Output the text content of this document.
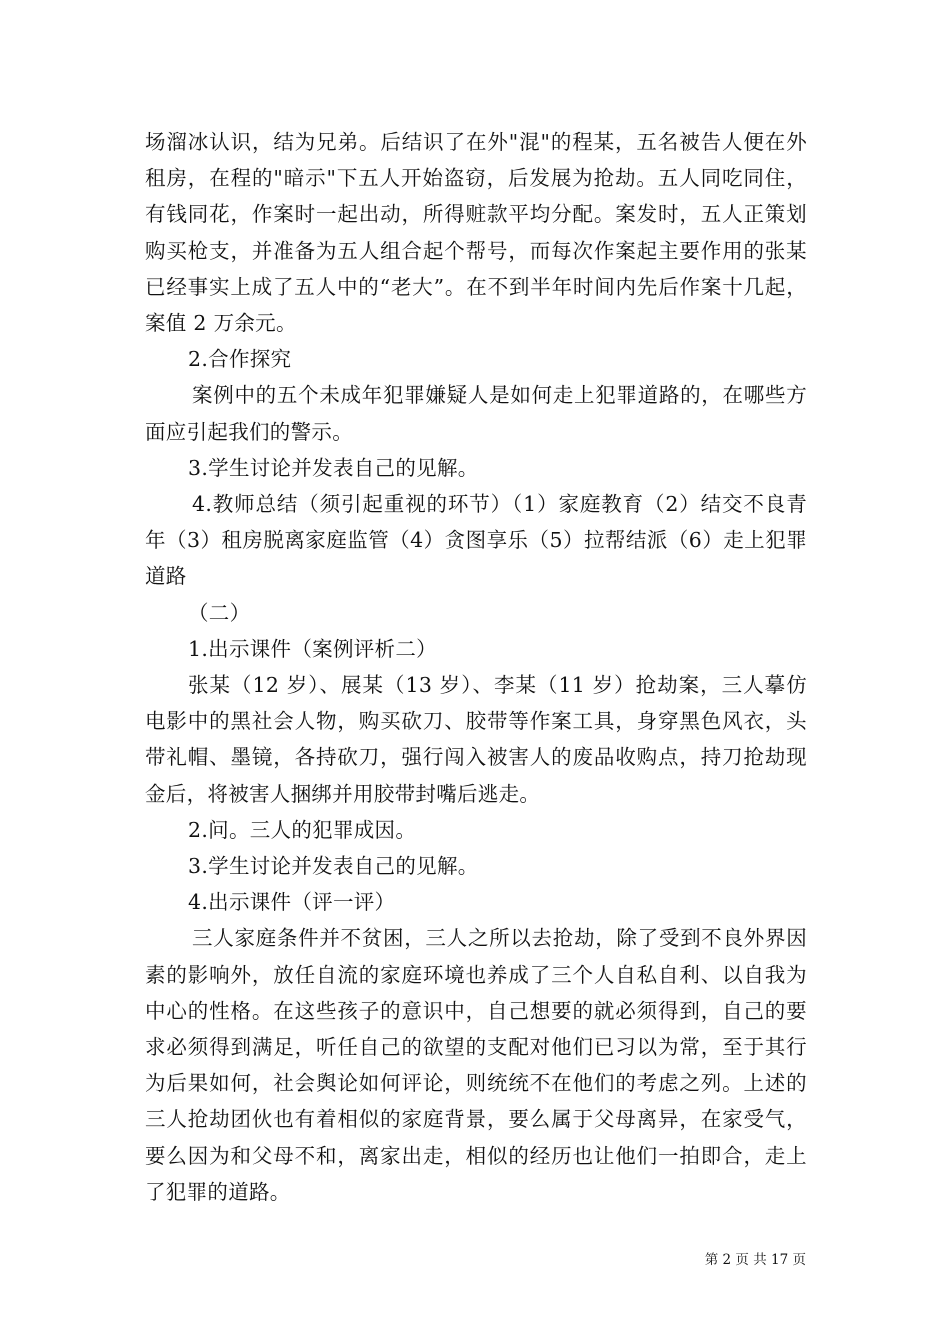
场溜冰认识，结为兄弟。后结识了在外"混"的程某，五名被告人便在外租房，在程的"暗示"下五人开始盗窃，后发展为抢劫。五人同吃同住，有钱同花，作案时一起出动，所得赃款平均分配。案发时，五人正策划购买枪支，并准备为五人组合起个帮号，而每次作案起主要作用的张某已经事实上成了五人中的“老大”。在不到半年时间内先后作案十几起，案值 2 万余元。

2.合作探究

案例中的五个未成年犯罪嫌疑人是如何走上犯罪道路的，在哪些方面应引起我们的警示。

3.学生讨论并发表自己的见解。

4.教师总结（须引起重视的环节）（1）家庭教育（2）结交不良青年（3）租房脱离家庭监管（4）贪图享乐（5）拉帮结派（6）走上犯罪道路

（二）

1.出示课件（案例评析二）

张某（12 岁）、展某（13 岁）、李某（11 岁）抢劫案，三人摹仿电影中的黑社会人物，购买砍刀、胶带等作案工具，身穿黑色风衣，头带礼帽、墨镜，各持砍刀，强行闯入被害人的废品收购点，持刀抢劫现金后，将被害人捆绑并用胶带封嘴后逃走。

2.问。三人的犯罪成因。

3.学生讨论并发表自己的见解。

4.出示课件（评一评）

三人家庭条件并不贫困，三人之所以去抢劫，除了受到不良外界因素的影响外，放任自流的家庭环境也养成了三个人自私自利、以自我为中心的性格。在这些孩子的意识中，自己想要的就必须得到，自己的要求必须得到满足，听任自己的欲望的支配对他们已习以为常，至于其行为后果如何，社会舆论如何评论，则统统不在他们的考虑之列。上述的三人抢劫团伙也有着相似的家庭背景，要么属于父母离异，在家受气，要么因为和父母不和，离家出走，相似的经历也让他们一拍即合，走上了犯罪的道路。

第 2 页 共 17 页
